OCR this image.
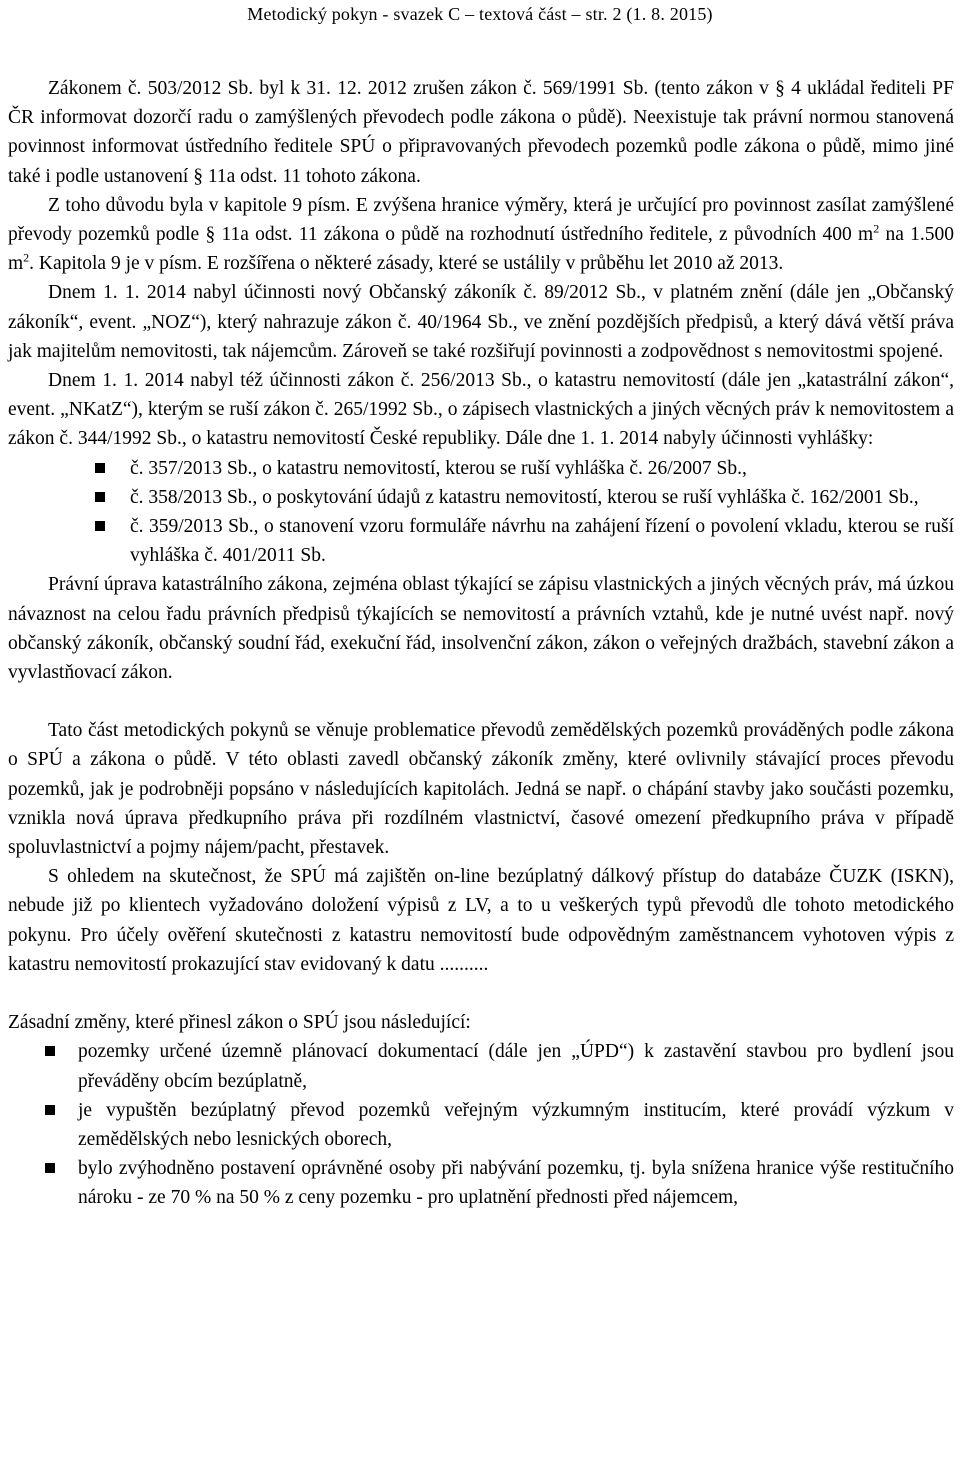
Metodický pokyn - svazek C – textová část – str. 2 (1. 8. 2015)

Zákonem č. 503/2012 Sb. byl k 31. 12. 2012 zrušen zákon č. 569/1991 Sb. (tento zákon v § 4 ukládal řediteli PF ČR informovat dozorčí radu o zamýšlených převodech podle zákona o půdě). Neexistuje tak právní normou stanovená povinnost informovat ústředního ředitele SPÚ o připravovaných převodech pozemků podle zákona o půdě, mimo jiné také i podle ustanovení § 11a odst. 11 tohoto zákona.

Z toho důvodu byla v kapitole 9 písm. E zvýšena hranice výměry, která je určující pro povinnost zasílat zamýšlené převody pozemků podle § 11a odst. 11 zákona o půdě na rozhodnutí ústředního ředitele, z původních 400 $m^2$ na 1.500 $m^2$. Kapitola 9 je v písm. E rozšířena o některé zásady, které se ustálily v průběhu let 2010 až 2013.

Dnem 1. 1. 2014 nabyl účinnosti nový Občanský zákoník č. 89/2012 Sb., v platném znění (dále jen „Občanský zákoník“, event. „NOZ“), který nahrazuje zákon č. 40/1964 Sb., ve znění pozdějších předpisů, a který dává větší práva jak majitelům nemovitosti, tak nájemcům. Zároveň se také rozšiřují povinnosti a zodpovědnost s nemovitostmi spojené.

Dnem 1. 1. 2014 nabyl též účinnosti zákon č. 256/2013 Sb., o katastru nemovitostí (dále jen „katastrální zákon“, event. „NKatZ“), kterým se ruší zákon č. 265/1992 Sb., o zápisech vlastnických a jiných věcných práv k nemovitostem a zákon č. 344/1992 Sb., o katastru nemovitostí České republiky. Dále dne 1. 1. 2014 nabyly účinnosti vyhlášky:

č. 357/2013 Sb., o katastru nemovitostí, kterou se ruší vyhláška č. 26/2007 Sb.,
č. 358/2013 Sb., o poskytování údajů z katastru nemovitostí, kterou se ruší vyhláška č. 162/2001 Sb.,
č. 359/2013 Sb., o stanovení vzoru formuláře návrhu na zahájení řízení o povolení vkladu, kterou se ruší vyhláška č. 401/2011 Sb.

Právní úprava katastrálního zákona, zejména oblast týkající se zápisu vlastnických a jiných věcných práv, má úzkou návaznost na celou řadu právních předpisů týkajících se nemovitostí a právních vztahů, kde je nutné uvést např. nový občanský zákoník, občanský soudní řád, exekuční řád, insolvenční zákon, zákon o veřejných dražbách, stavební zákon a vyvlastňovací zákon.

Tato část metodických pokynů se věnuje problematice převodů zemědělských pozemků prováděných podle zákona o SPÚ a zákona o půdě. V této oblasti zavedl občanský zákoník změny, které ovlivnily stávající proces převodu pozemků, jak je podrobněji popsáno v následujících kapitolách. Jedná se např. o chápání stavby jako součásti pozemku, vznikla nová úprava předkupního práva při rozdílném vlastnictví, časové omezení předkupního práva v případě spoluvlastnictví a pojmy nájem/pacht, přestavek.

S ohledem na skutečnost, že SPÚ má zajištěn on-line bezúplatný dálkový přístup do databáze ČUZK (ISKN), nebude již po klientech vyžadováno doložení výpisů z LV, a to u veškerých typů převodů dle tohoto metodického pokynu. Pro účely ověření skutečnosti z katastru nemovitostí bude odpovědným zaměstnancem vyhotoven výpis z katastru nemovitostí prokazující stav evidovaný k datu ..........

Zásadní změny, které přinesl zákon o SPÚ jsou následující:

pozemky určené územně plánovací dokumentací (dále jen „ÚPD“) k zastavění stavbou pro bydlení jsou převáděny obcím bezúplatně,
je vypuštěn bezúplatný převod pozemků veřejným výzkumným institucím, které provádí výzkum v zemědělských nebo lesnických oborech,
bylo zvýhodněno postavení oprávněné osoby při nabývání pozemku, tj. byla snížena hranice výše restitučního nároku - ze 70 % na 50 % z ceny pozemku - pro uplatnění přednosti před nájemcem,
